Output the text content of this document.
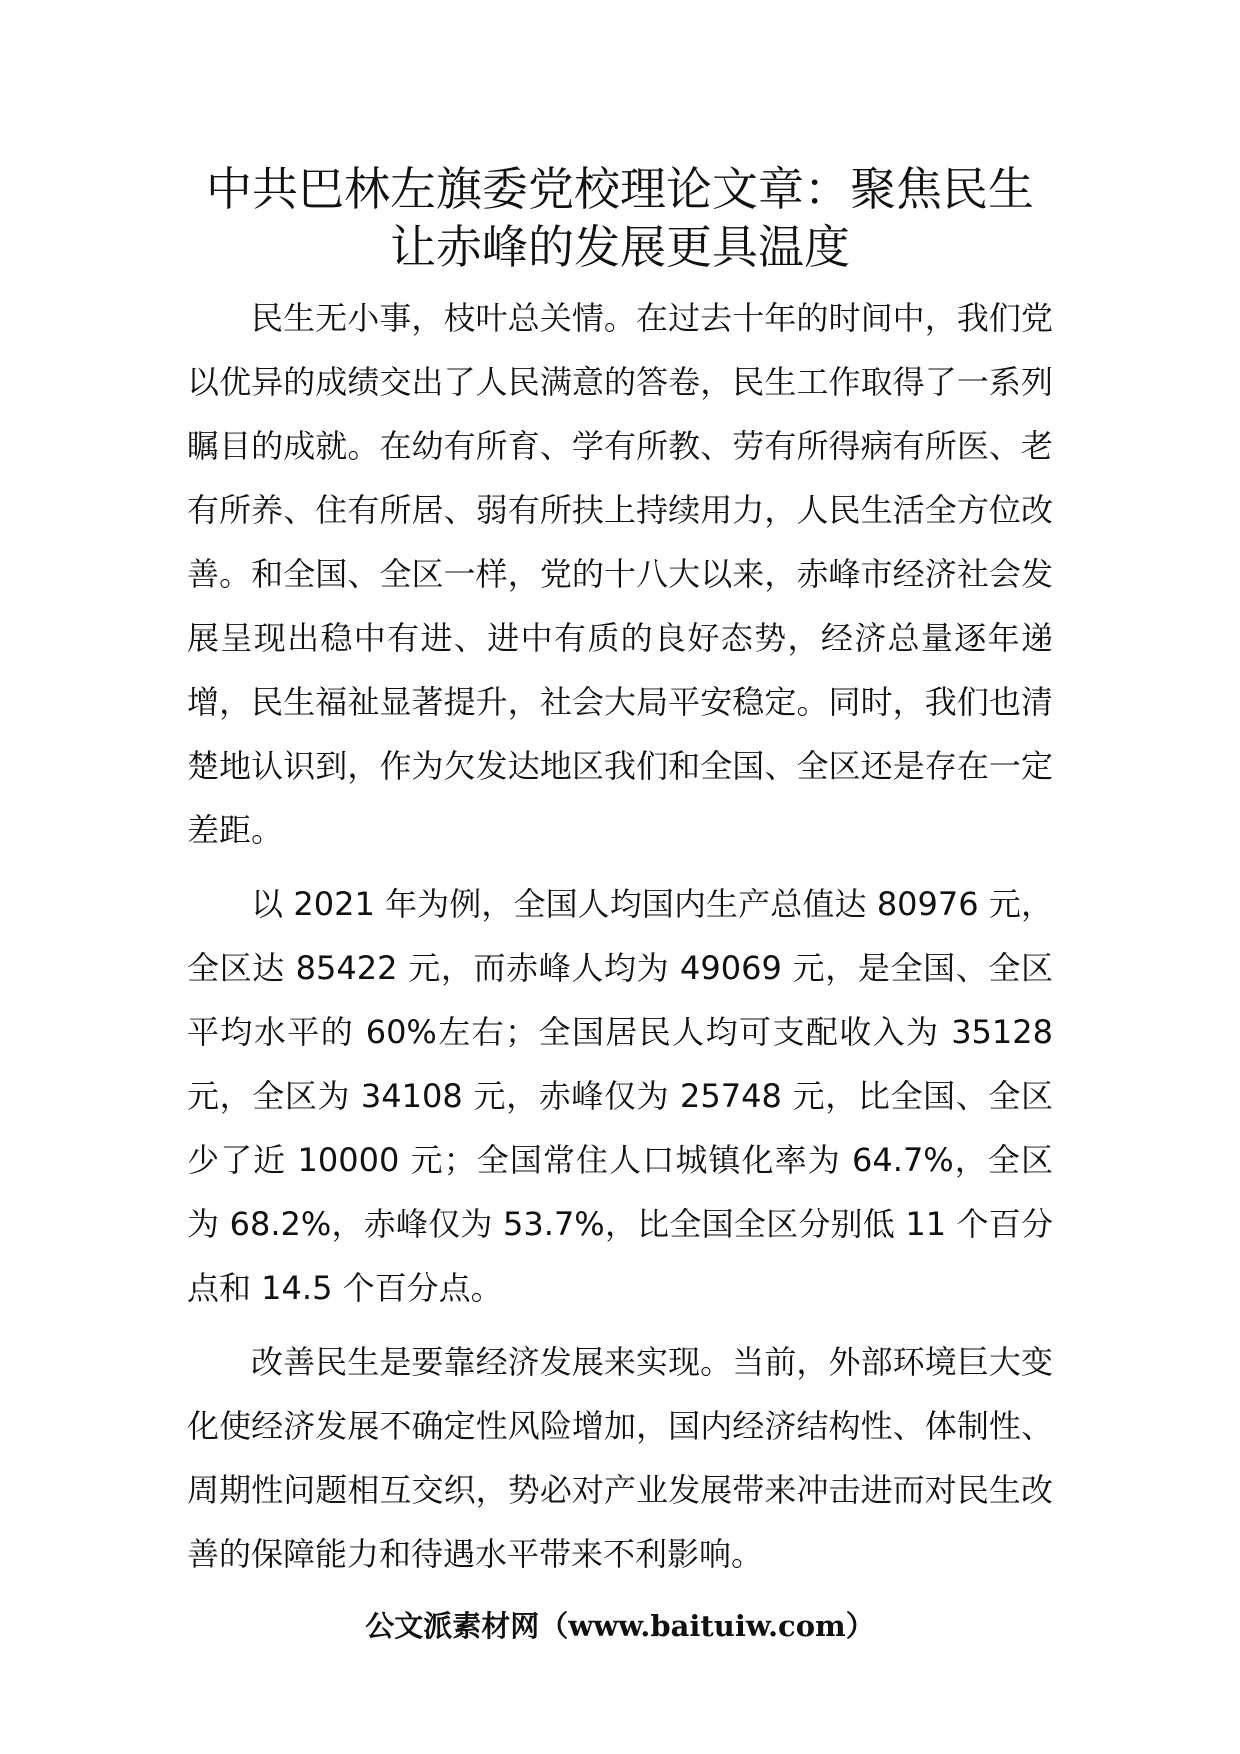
中共巴林左旗委党校理论文章：聚焦民生
让赤峰的发展更具温度

民生无小事，枝叶总关情。在过去十年的时间中，我们党以优异的成绩交出了人民满意的答卷，民生工作取得了一系列瞩目的成就。在幼有所育、学有所教、劳有所得病有所医、老有所养、住有所居、弱有所扶上持续用力，人民生活全方位改善。和全国、全区一样，党的十八大以来，赤峰市经济社会发展呈现出稳中有进、进中有质的良好态势，经济总量逐年递增，民生福祉显著提升，社会大局平安稳定。同时，我们也清楚地认识到，作为欠发达地区我们和全国、全区还是存在一定差距。

以 2021 年为例，全国人均国内生产总值达 80976 元，全区达 85422 元，而赤峰人均为 49069 元，是全国、全区平均水平的 60%左右；全国居民人均可支配收入为 35128 元，全区为 34108 元，赤峰仅为 25748 元，比全国、全区少了近 10000 元；全国常住人口城镇化率为 64.7%，全区为 68.2%，赤峰仅为 53.7%，比全国全区分别低 11 个百分点和 14.5 个百分点。

改善民生是要靠经济发展来实现。当前，外部环境巨大变化使经济发展不确定性风险增加，国内经济结构性、体制性、周期性问题相互交织，势必对产业发展带来冲击进而对民生改善的保障能力和待遇水平带来不利影响。

公文派素材网（www.baituiw.com）
